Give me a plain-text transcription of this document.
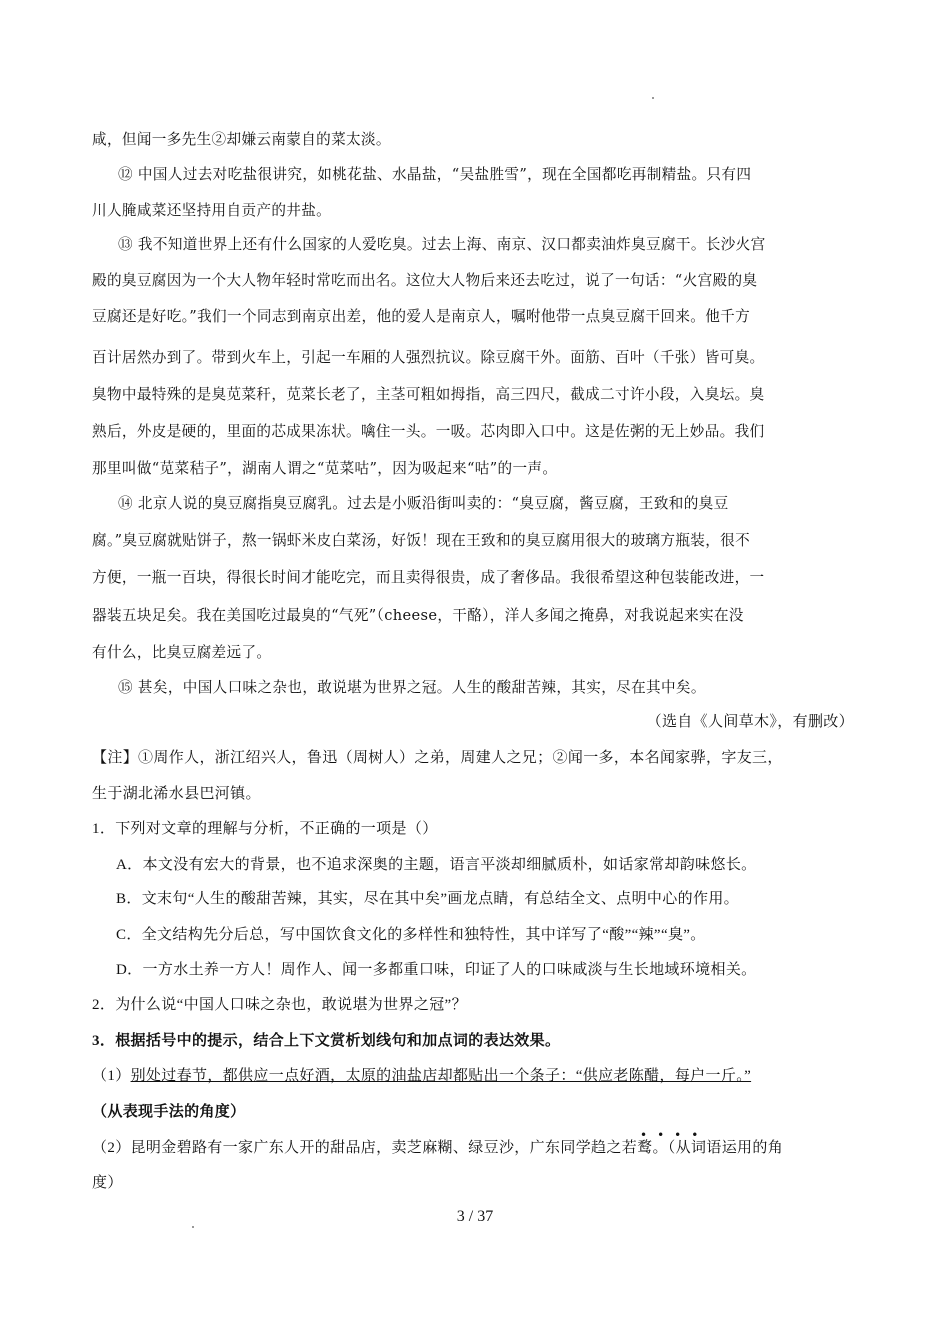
咸，但闻一多先生②却嫌云南蒙自的菜太淡。
⑫ 中国人过去对吃盐很讲究，如桃花盐、水晶盐，“吴盐胜雪”，现在全国都吃再制精盐。只有四
川人腌咸菜还坚持用自贡产的井盐。
⑬ 我不知道世界上还有什么国家的人爱吃臭。过去上海、南京、汉口都卖油炸臭豆腐干。长沙火宫
殿的臭豆腐因为一个大人物年轻时常吃而出名。这位大人物后来还去吃过，说了一句话：“火宫殿的臭
豆腐还是好吃。”我们一个同志到南京出差，他的爱人是南京人，嘱咐他带一点臭豆腐干回来。他千方
百计居然办到了。带到火车上，引起一车厢的人强烈抗议。除豆腐干外。面筋、百叶（千张）皆可臭。
臭物中最特殊的是臭苋菜秆，苋菜长老了，主茎可粗如拇指，高三四尺，截成二寸许小段，入臭坛。臭
熟后，外皮是硬的，里面的芯成果冻状。噙住一头。一吸。芯肉即入口中。这是佐粥的无上妙品。我们
那里叫做“苋菜秸子”，湖南人谓之“苋菜咕”，因为吸起来“咕”的一声。
⑭ 北京人说的臭豆腐指臭豆腐乳。过去是小贩沿街叫卖的：“臭豆腐，酱豆腐，王致和的臭豆
腐。”臭豆腐就贴饼子，熬一锅虾米皮白菜汤，好饭！现在王致和的臭豆腐用很大的玻璃方瓶装，很不
方便，一瓶一百块，得很长时间才能吃完，而且卖得很贵，成了奢侈品。我很希望这种包装能改进，一
器装五块足矣。我在美国吃过最臭的“气死”（cheese，干酪），洋人多闻之掩鼻，对我说起来实在没
有什么，比臭豆腐差远了。
⑮ 甚矣，中国人口味之杂也，敢说堪为世界之冠。人生的酸甜苦辣，其实，尽在其中矣。
（选自《人间草木》，有删改）
【注】①周作人，浙江绍兴人，鲁迅（周树人）之弟，周建人之兄；②闻一多，本名闻家骅，字友三，
生于湖北浠水县巴河镇。
1．下列对文章的理解与分析，不正确的一项是（）
A．本文没有宏大的背景，也不追求深奥的主题，语言平淡却细腻质朴，如话家常却韵味悠长。
B．文末句“人生的酸甜苦辣，其实，尽在其中矣”画龙点睛，有总结全文、点明中心的作用。
C．全文结构先分后总，写中国饮食文化的多样性和独特性，其中详写了“酸”“辣”“臭”。
D．一方水土养一方人！周作人、闻一多都重口味，印证了人的口味咸淡与生长地域环境相关。
2．为什么说“中国人口味之杂也，敢说堪为世界之冠”？
3．根据括号中的提示，结合上下文赏析划线句和加点词的表达效果。
（1）别处过春节，都供应一点好酒，太原的油盐店却都贴出一个条子：“供应老陈醋，每户一斤。”
（从表现手法的角度）
••••
（2）昆明金碧路有一家广东人开的甜品店，卖芝麻糊、绿豆沙，广东同学趋之若鹜。（从词语运用的角
度）
3 / 37
